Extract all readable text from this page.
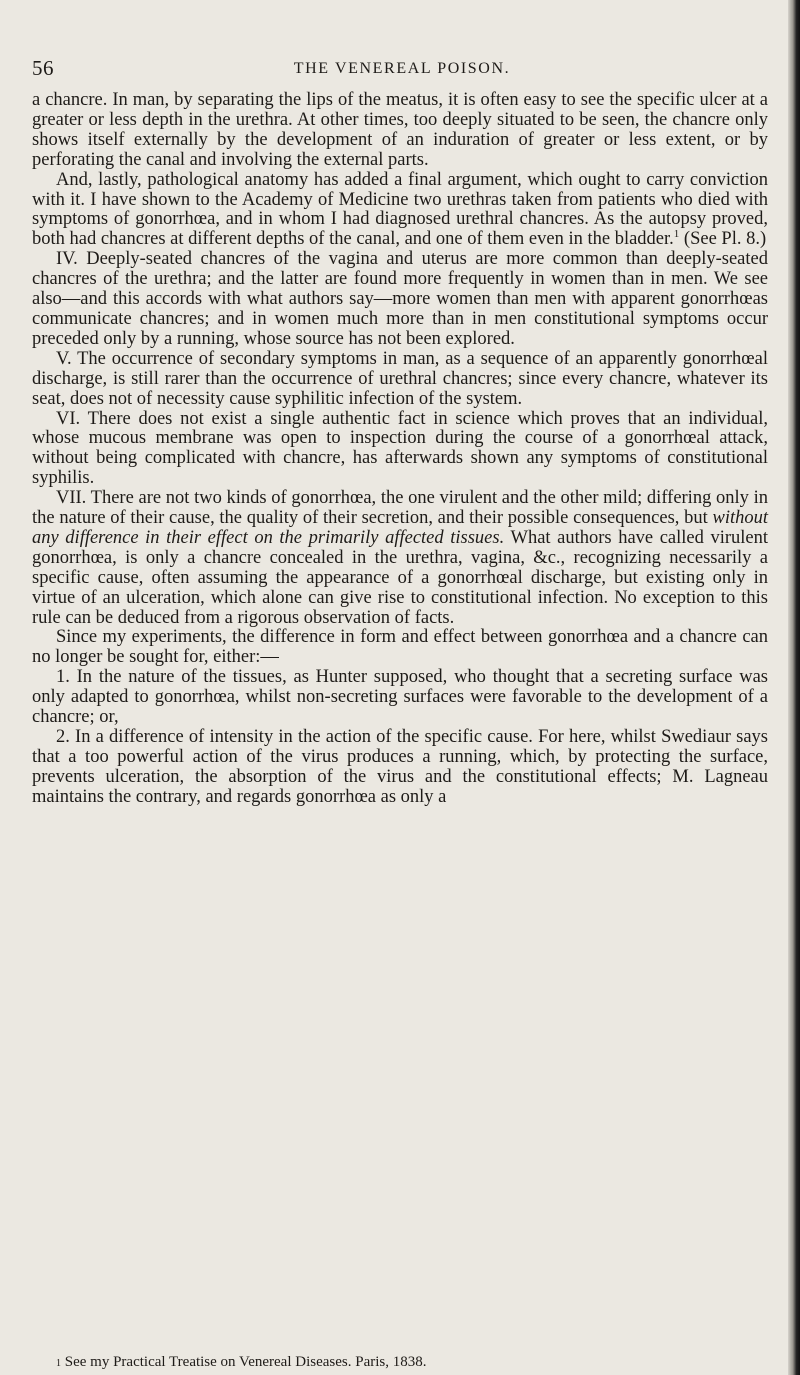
56	THE VENEREAL POISON.

a chancre. In man, by separating the lips of the meatus, it is often easy to see the specific ulcer at a greater or less depth in the urethra. At other times, too deeply situated to be seen, the chancre only shows itself externally by the development of an induration of greater or less extent, or by perforating the canal and involving the external parts.

And, lastly, pathological anatomy has added a final argument, which ought to carry conviction with it. I have shown to the Academy of Medicine two urethras taken from patients who died with symptoms of gonorrhœa, and in whom I had diagnosed urethral chancres. As the autopsy proved, both had chancres at different depths of the canal, and one of them even in the bladder.$^1$ (See Pl. 8.)

IV. Deeply-seated chancres of the vagina and uterus are more common than deeply-seated chancres of the urethra; and the latter are found more frequently in women than in men. We see also—and this accords with what authors say—more women than men with apparent gonorrhœas communicate chancres; and in women much more than in men constitutional symptoms occur preceded only by a running, whose source has not been explored.

V. The occurrence of secondary symptoms in man, as a sequence of an apparently gonorrhœal discharge, is still rarer than the occurrence of urethral chancres; since every chancre, whatever its seat, does not of necessity cause syphilitic infection of the system.

VI. There does not exist a single authentic fact in science which proves that an individual, whose mucous membrane was open to inspection during the course of a gonorrhœal attack, without being complicated with chancre, has afterwards shown any symptoms of constitutional syphilis.

VII. There are not two kinds of gonorrhœa, the one virulent and the other mild; differing only in the nature of their cause, the quality of their secretion, and their possible consequences, but without any difference in their effect on the primarily affected tissues. What authors have called virulent gonorrhœa, is only a chancre concealed in the urethra, vagina, &c., recognizing necessarily a specific cause, often assuming the appearance of a gonorrhœal discharge, but existing only in virtue of an ulceration, which alone can give rise to constitutional infection. No exception to this rule can be deduced from a rigorous observation of facts.

Since my experiments, the difference in form and effect between gonorrhœa and a chancre can no longer be sought for, either:—

1. In the nature of the tissues, as Hunter supposed, who thought that a secreting surface was only adapted to gonorrhœa, whilst non-secreting surfaces were favorable to the development of a chancre; or,

2. In a difference of intensity in the action of the specific cause. For here, whilst Swediaur says that a too powerful action of the virus produces a running, which, by protecting the surface, prevents ulceration, the absorption of the virus and the constitutional effects; M. Lagneau maintains the contrary, and regards gonorrhœa as only a

$^1$ See my Practical Treatise on Venereal Diseases. Paris, 1838.
